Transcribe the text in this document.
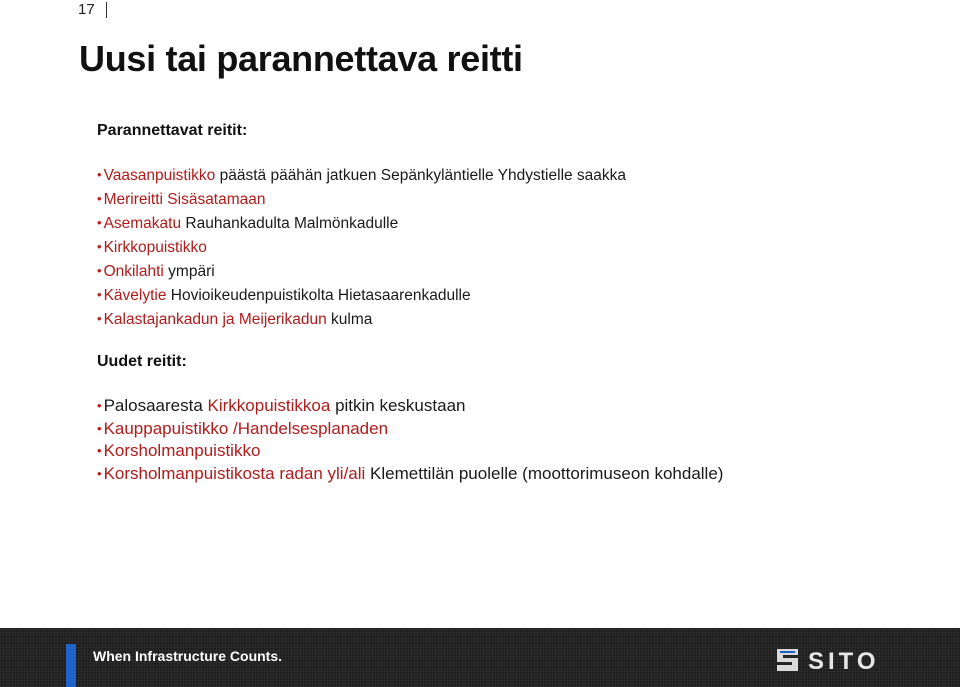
17
Uusi tai parannettava reitti
Parannettavat reitit:
• Vaasanpuistikko päästä päähän jatkuen Sepänkyläntielle Yhdystielle saakka
• Merireitti Sisäsatamaan
• Asemakatu Rauhankadulta Malmönkadulle
• Kirkkopuistikko
• Onkilahti ympäri
• Kävelytie Hovioikeudenpuistikolta Hietasaarenkadulle
• Kalastajankadun ja Meijerikadun kulma
Uudet reitit:
• Palosaaresta Kirkkopuistikkoa pitkin keskustaan
• Kauppapuistikko /Handelsesplanaden
• Korsholmanpuistikko
• Korsholmanpuistikosta radan yli/ali Klemettilän puolelle (moottorimuseon kohdalle)
When Infrastructure Counts.	SITO
